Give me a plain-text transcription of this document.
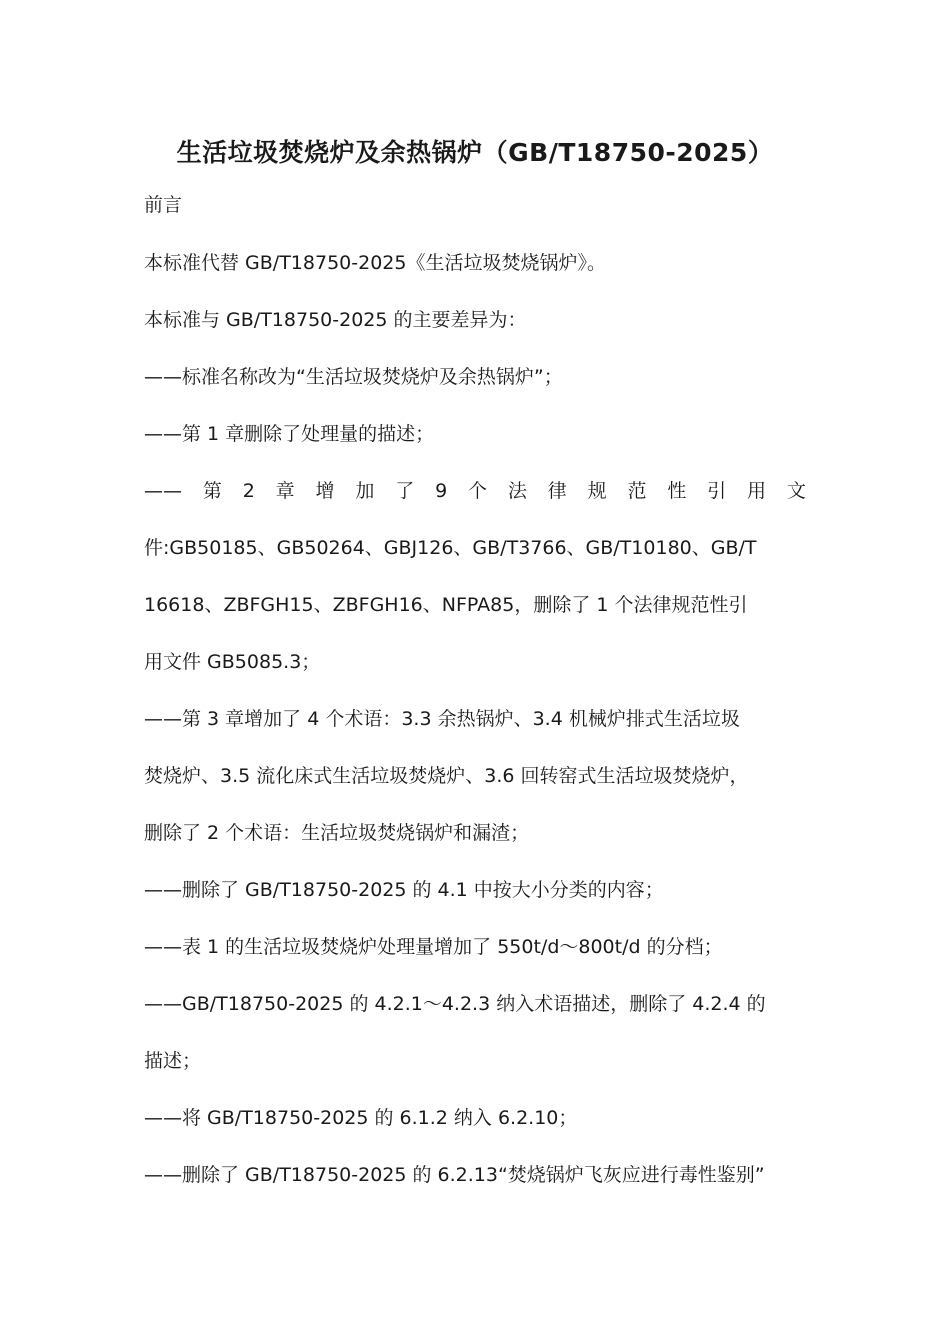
生活垃圾焚烧炉及余热锅炉（GB/T18750-2025）

前言

本标准代替 GB/T18750-2025《生活垃圾焚烧锅炉》。

本标准与 GB/T18750-2025 的主要差异为：

——标准名称改为“生活垃圾焚烧炉及余热锅炉”；

——第 1 章删除了处理量的描述；

—— 第 2 章 增 加 了 9 个 法 律 规 范 性 引 用 文

件:GB50185、GB50264、GBJ126、GB/T3766、GB/T10180、GB/T

16618、ZBFGH15、ZBFGH16、NFPA85，删除了 1 个法律规范性引

用文件 GB5085.3；

——第 3 章增加了 4 个术语：3.3 余热锅炉、3.4 机械炉排式生活垃圾

焚烧炉、3.5 流化床式生活垃圾焚烧炉、3.6 回转窑式生活垃圾焚烧炉，

删除了 2 个术语：生活垃圾焚烧锅炉和漏渣；

——删除了 GB/T18750-2025 的 4.1 中按大小分类的内容；

——表 1 的生活垃圾焚烧炉处理量增加了 550t/d～800t/d 的分档；

——GB/T18750-2025 的 4.2.1～4.2.3 纳入术语描述，删除了 4.2.4 的

描述；

——将 GB/T18750-2025 的 6.1.2 纳入 6.2.10；

——删除了 GB/T18750-2025 的 6.2.13“焚烧锅炉飞灰应进行毒性鉴别”
